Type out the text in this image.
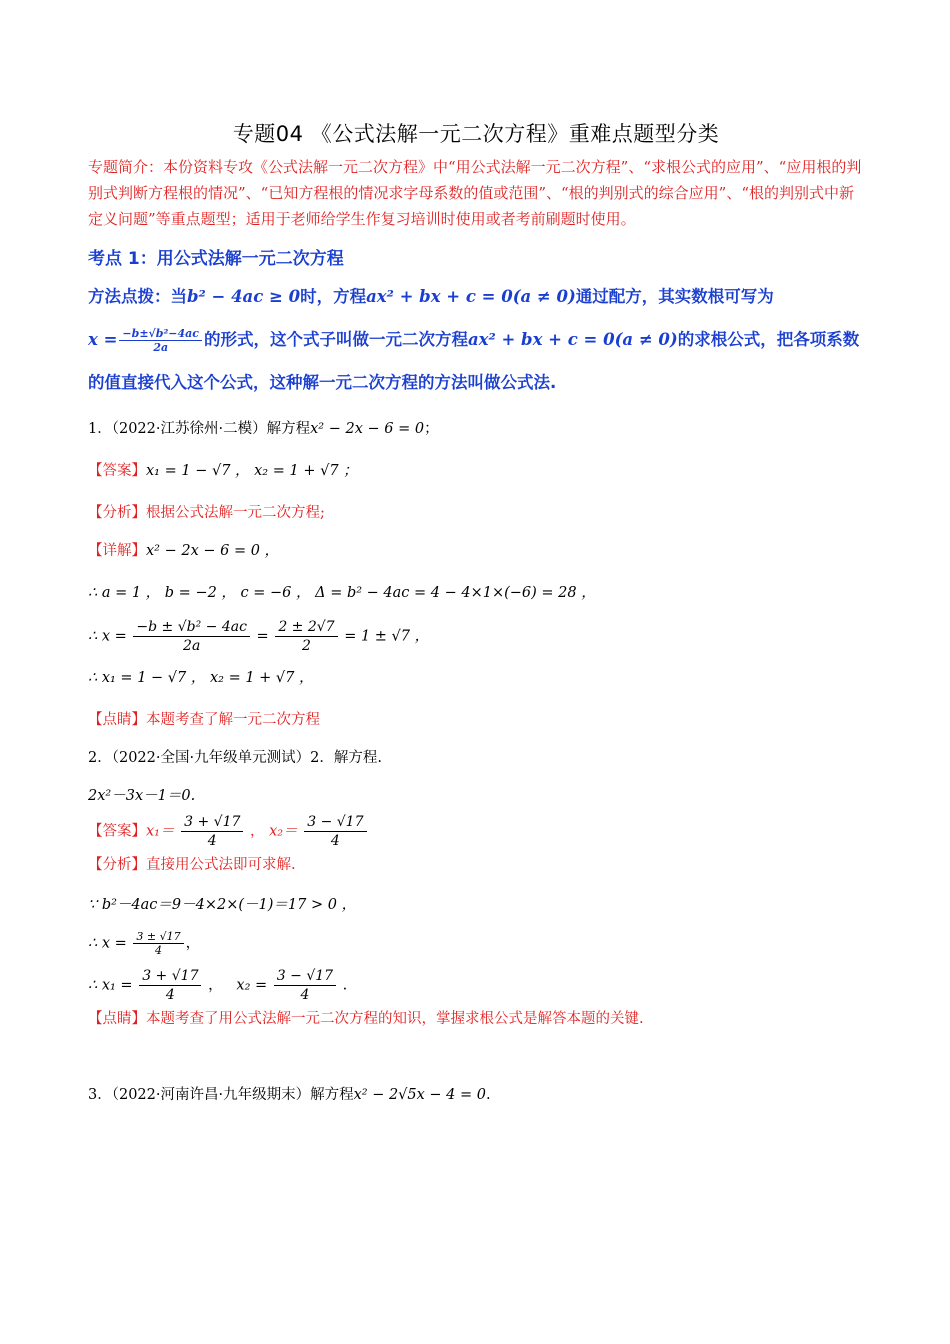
专题04 《公式法解一元二次方程》重难点题型分类

专题简介：本份资料专攻《公式法解一元二次方程》中“用公式法解一元二次方程”、“求根公式的应用”、“应用根的判别式判断方程根的情况”、“已知方程根的情况求字母系数的值或范围”、“根的判别式的综合应用”、“根的判别式中新定义问题”等重点题型；适用于老师给学生作复习培训时使用或者考前刷题时使用。

考点 1：用公式法解一元二次方程

方法点拨：当b² − 4ac ≥ 0时，方程ax² + bx + c = 0(a ≠ 0)通过配方，其实数根可写为
$x = \frac{\text{−b±√b²−4ac}}{2a}$ 的形式，这个式子叫做一元二次方程ax² + bx + c = 0(a ≠ 0)的求根公式，把各项系数的值直接代入这个公式，这种解一元二次方程的方法叫做公式法.

1．（2022·江苏徐州·二模）解方程x² − 2x − 6 = 0；

【答案】x₁ = 1 − √7 ， x₂ = 1 + √7 ；

【分析】根据公式法解一元二次方程;

【详解】x² − 2x − 6 = 0 ，

∴ a = 1 ， b = −2 ， c = −6 ， Δ = b² − 4ac = 4 − 4×1×(−6) = 28 ，

∴ $x = \frac{\text{−b ± √b² − 4ac}}{2a} = \frac{2 \pm 2√7}{2} = 1 \pm √7$ ，

∴ x₁ = 1 − √7 ， x₂ = 1 + √7 ，

【点睛】本题考查了解一元二次方程

2．（2022·全国·九年级单元测试）2．解方程.

2x²－3x－1＝0.

【答案】$x_1= \frac{3 + √17}{4}$ ， $x_2= \frac{3 - √17}{4}$

【分析】直接用公式法即可求解.

∵ b²－4ac＝9－4×2×(－1)＝17 > 0 ，

∴ $x = \frac{3 \pm √17}{4}$ ，

∴ $x_1 = \frac{3 + √17}{4}$ ，   $x_2 = \frac{3 - √17}{4}$ .

【点睛】本题考查了用公式法解一元二次方程的知识，掌握求根公式是解答本题的关键.

3．（2022·河南许昌·九年级期末）解方程x² − 2√5x − 4 = 0.
